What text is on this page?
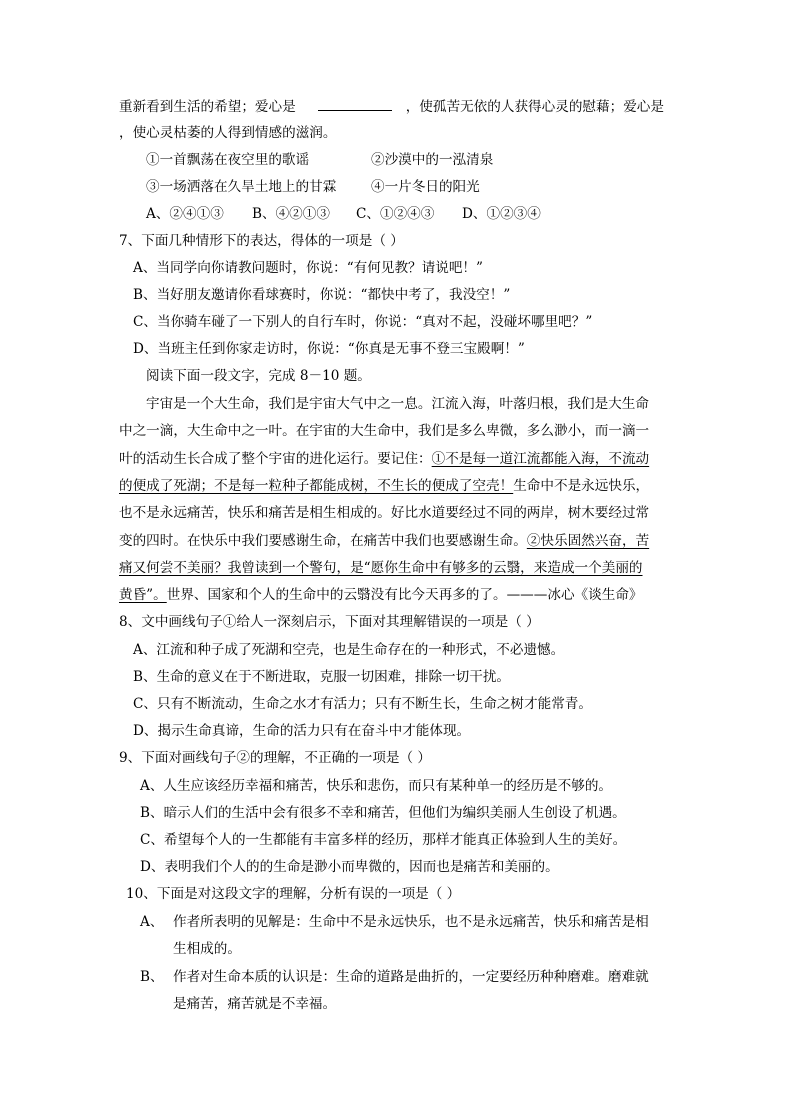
重新看到生活的希望；爱心是	，使孤苦无依的人获得心灵的慰藉；爱心是
，使心灵枯萎的人得到情感的滋润。
①一首飘荡在夜空里的歌谣	②沙漠中的一泓清泉
③一场洒落在久旱土地上的甘霖	④一片冬日的阳光
A、②④①③ B、④②①③ C、①②④③ D、①②③④
7、下面几种情形下的表达，得体的一项是（ ）
A、当同学向你请教问题时，你说：“有何见教？请说吧！”
B、当好朋友邀请你看球赛时，你说：“都快中考了，我没空！”
C、当你骑车碰了一下别人的自行车时，你说：“真对不起，没碰坏哪里吧？”
D、当班主任到你家走访时，你说：“你真是无事不登三宝殿啊！”
阅读下面一段文字，完成 8－10 题。
宇宙是一个大生命，我们是宇宙大气中之一息。江流入海，叶落归根，我们是大生命
中之一滴，大生命中之一叶。在宇宙的大生命中，我们是多么卑微，多么渺小，而一滴一
叶的活动生长合成了整个宇宙的进化运行。要记住：①不是每一道江流都能入海，不流动
的便成了死湖；不是每一粒种子都能成树，不生长的便成了空壳！生命中不是永远快乐，
也不是永远痛苦，快乐和痛苦是相生相成的。好比水道要经过不同的两岸，树木要经过常
变的四时。在快乐中我们要感谢生命，在痛苦中我们也要感谢生命。②快乐固然兴奋，苦
痛又何尝不美丽？我曾读到一个警句，是“愿你生命中有够多的云翳，来造成一个美丽的
黄昏”。世界、国家和个人的生命中的云翳没有比今天再多的了。———冰心《谈生命》
8、文中画线句子①给人一深刻启示，下面对其理解错误的一项是（ ）
A、江流和种子成了死湖和空壳，也是生命存在的一种形式，不必遗憾。
B、生命的意义在于不断进取，克服一切困难，排除一切干扰。
C、只有不断流动，生命之水才有活力；只有不断生长，生命之树才能常青。
D、揭示生命真谛，生命的活力只有在奋斗中才能体现。
9、下面对画线句子②的理解，不正确的一项是（ ）
A、人生应该经历幸福和痛苦，快乐和悲伤，而只有某种单一的经历是不够的。
B、暗示人们的生活中会有很多不幸和痛苦，但他们为编织美丽人生创设了机遇。
C、希望每个人的一生都能有丰富多样的经历，那样才能真正体验到人生的美好。
D、表明我们个人的的生命是渺小而卑微的，因而也是痛苦和美丽的。
10、下面是对这段文字的理解，分析有误的一项是（ ）
A、 作者所表明的见解是：生命中不是永远快乐，也不是永远痛苦，快乐和痛苦是相
生相成的。
B、 作者对生命本质的认识是：生命的道路是曲折的，一定要经历种种磨难。磨难就
是痛苦，痛苦就是不幸福。
